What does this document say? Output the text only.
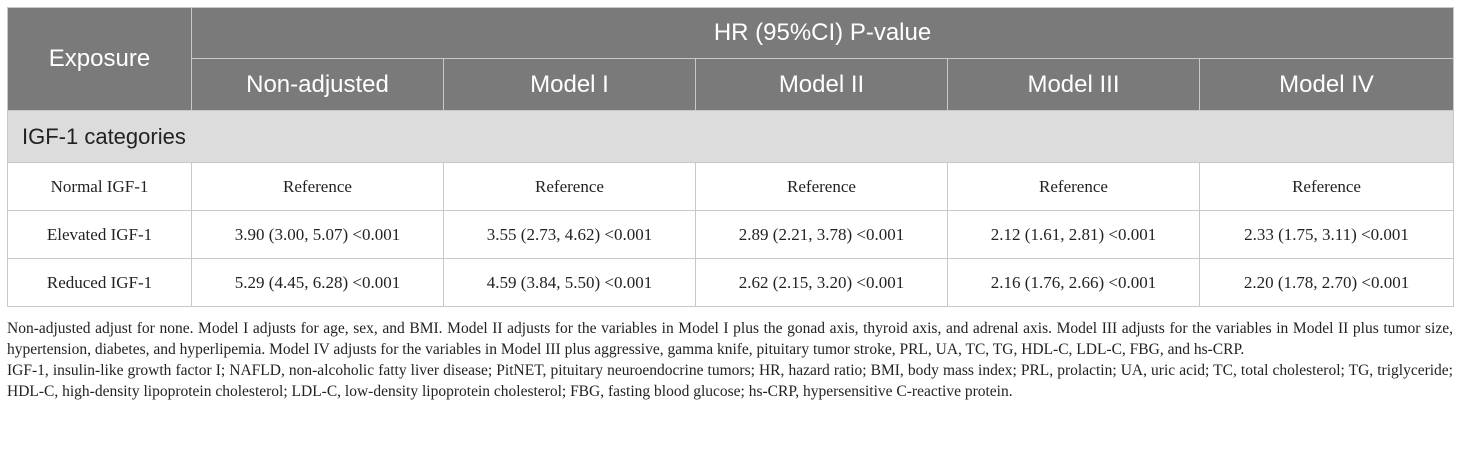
Exposure	HR (95%CI) P-value				
	Non-adjusted	Model I	Model II	Model III	Model IV
IGF-1 categories					
Normal IGF-1	Reference	Reference	Reference	Reference	Reference
Elevated IGF-1	3.90 (3.00, 5.07) <0.001	3.55 (2.73, 4.62) <0.001	2.89 (2.21, 3.78) <0.001	2.12 (1.61, 2.81) <0.001	2.33 (1.75, 3.11) <0.001
Reduced IGF-1	5.29 (4.45, 6.28) <0.001	4.59 (3.84, 5.50) <0.001	2.62 (2.15, 3.20) <0.001	2.16 (1.76, 2.66) <0.001	2.20 (1.78, 2.70) <0.001

Non-adjusted adjust for none. Model I adjusts for age, sex, and BMI. Model II adjusts for the variables in Model I plus the gonad axis, thyroid axis, and adrenal axis. Model III adjusts for the variables in Model II plus tumor size, hypertension, diabetes, and hyperlipemia. Model IV adjusts for the variables in Model III plus aggressive, gamma knife, pituitary tumor stroke, PRL, UA, TC, TG, HDL-C, LDL-C, FBG, and hs-CRP.

IGF-1, insulin-like growth factor I; NAFLD, non-alcoholic fatty liver disease; PitNET, pituitary neuroendocrine tumors; HR, hazard ratio; BMI, body mass index; PRL, prolactin; UA, uric acid; TC, total cholesterol; TG, triglyceride; HDL-C, high-density lipoprotein cholesterol; LDL-C, low-density lipoprotein cholesterol; FBG, fasting blood glucose; hs-CRP, hypersensitive C-reactive protein.
